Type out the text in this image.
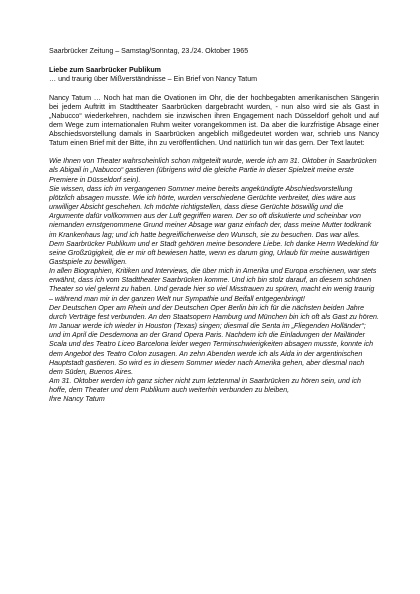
Saarbrücker Zeitung – Samstag/Sonntag, 23./24. Oktober 1965

Liebe zum Saarbrücker Publikum

… und traurig über Mißverständnisse – Ein Brief von Nancy Tatum

Nancy Tatum … Noch hat man die Ovationen im Ohr, die der hochbegabten amerikanischen Sängerin bei jedem Auftritt im Stadttheater Saarbrücken dargebracht wurden, - nun also wird sie als Gast in „Nabucco“ wiederkehren, nachdem sie inzwischen ihren Engagement nach Düsseldorf geholt und auf dem Wege zum internationalen Ruhm weiter vorangekommen ist. Da aber die kurzfristige Absage einer Abschiedsvorstellung damals in Saarbrücken angeblich mißgedeutet worden war, schrieb uns Nancy Tatum einen Brief mit der Bitte, ihn zu veröffentlichen. Und natürlich tun wir das gern. Der Text lautet:

Wie Ihnen von Theater wahrscheinlich schon mitgeteilt wurde, werde ich am 31. Oktober in Saarbrücken als Abigail in „Nabucco“ gastieren (übrigens wird die gleiche Partie in dieser Spielzeit meine erste Premiere in Düsseldorf sein).

Sie wissen, dass ich im vergangenen Sommer meine bereits angekündigte Abschiedsvorstellung plötzlich absagen musste. Wie ich hörte, wurden verschiedene Gerüchte verbreitet, dies wäre aus unwilliger Absicht geschehen. Ich möchte richtigstellen, dass diese Gerüchte böswillig und die Argumente dafür vollkommen aus der Luft gegriffen waren. Der so oft diskutierte und scheinbar von niemanden ernstgenommene Grund meiner Absage war ganz einfach der, dass meine Mutter todkrank im Krankenhaus lag; und ich hatte begreiflicherweise den Wunsch, sie zu besuchen. Das war alles.

Dem Saarbrücker Publikum und er Stadt gehören meine besondere Liebe. Ich danke Herrn Wedekind für seine Großzügigkeit, die er mir oft bewiesen hatte, wenn es darum ging, Urlaub für meine auswärtigen Gastspiele zu bewilligen.

In allen Biographien, Kritiken und Interviews, die über mich in Amerika und Europa erschienen, war stets erwähnt, dass ich vom Stadttheater Saarbrücken komme. Und ich bin stolz darauf, an diesem schönen Theater so viel gelernt zu haben. Und gerade hier so viel Misstrauen zu spüren, macht ein wenig traurig – während man mir in der ganzen Welt nur Sympathie und Beifall entgegenbringt!

Der Deutschen Oper am Rhein und der Deutschen Oper Berlin bin ich für die nächsten beiden Jahre durch Verträge fest verbunden. An den Staatsopern Hamburg und München bin ich oft als Gast zu hören. Im Januar werde ich wieder in Houston (Texas) singen; diesmal die Senta im „Fliegenden Holländer“; und im April die Desdemona an der Grand Opera Paris. Nachdem ich die Einladungen der Mailänder Scala und des Teatro Liceo Barcelona leider wegen Terminschwierigkeiten absagen musste, konnte ich dem Angebot des Teatro Colon zusagen. An zehn Abenden werde ich als Aida in der argentinischen Hauptstadt gastieren. So wird es in diesem Sommer wieder nach Amerika gehen, aber diesmal nach dem Süden, Buenos Aires.

Am 31. Oktober werden ich ganz sicher nicht zum letztenmal in Saarbrücken zu hören sein, und ich hoffe, dem Theater und dem Publikum auch weiterhin verbunden zu bleiben,

Ihre Nancy Tatum
